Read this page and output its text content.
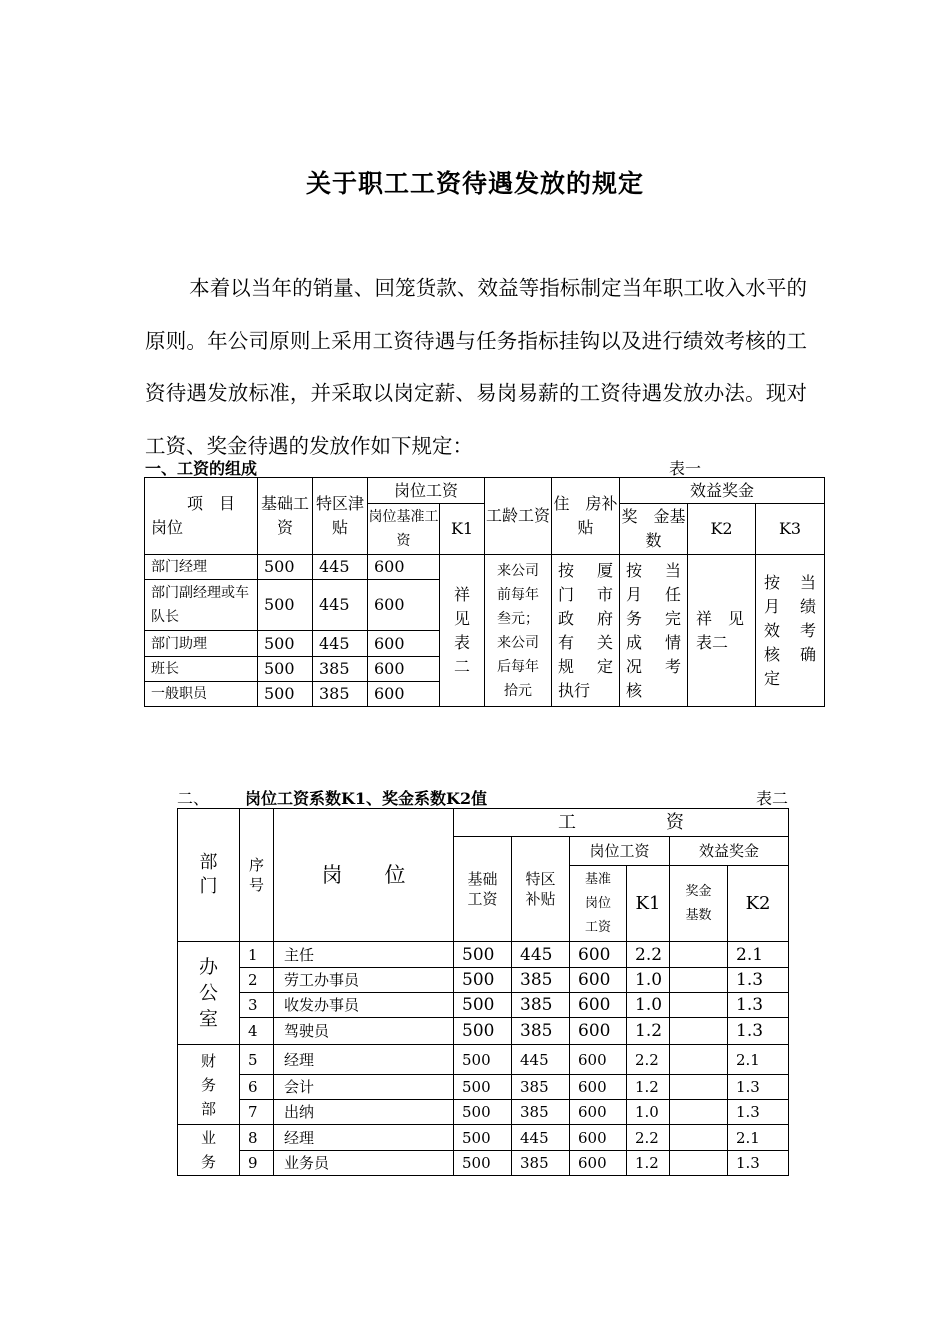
关于职工工资待遇发放的规定
本着以当年的销量、回笼货款、效益等指标制定当年职工收入水平的原则。年公司原则上采用工资待遇与任务指标挂钩以及进行绩效考核的工资待遇发放标准，并采取以岗定薪、易岗易薪的工资待遇发放办法。现对工资、奖金待遇的发放作如下规定：
一、工资的组成	表一
项　目
岗位	基础工资	特区津贴	岗位工资		工龄工资	住　房补　贴	效益奖金		
			岗位基准工资	K1			奖　金基　数	K2	K3
部门经理	500	445	600	祥见表二	来公司前每年叁元；来公司后每年拾元	按　厦门　市政　府有　关规　定执行	按　当月　任务　完成　情况　考核	祥　见表二	按　当月　绩效　考核　确定
部门副经理或车队长	500	445	600						
部门助理	500	445	600						
班长	500	385	600						
一般职员	500	385	600						
二、 岗位工资系数K1、奖金系数K2值	表二
部门	序号	岗　　位	工　　　　　资					
			基础工资	特区补贴	岗位工资		效益奖金	
					基准岗位工资	K1	奖金基数	K2
办公室	1	主任	500	445	600	2.2		2.1
	2	劳工办事员	500	385	600	1.0		1.3
	3	收发办事员	500	385	600	1.0		1.3
	4	驾驶员	500	385	600	1.2		1.3
财务部	5	经理	500	445	600	2.2		2.1
	6	会计	500	385	600	1.2		1.3
	7	出纳	500	385	600	1.0		1.3
业务	8	经理	500	445	600	2.2		2.1
	9	业务员	500	385	600	1.2		1.3
